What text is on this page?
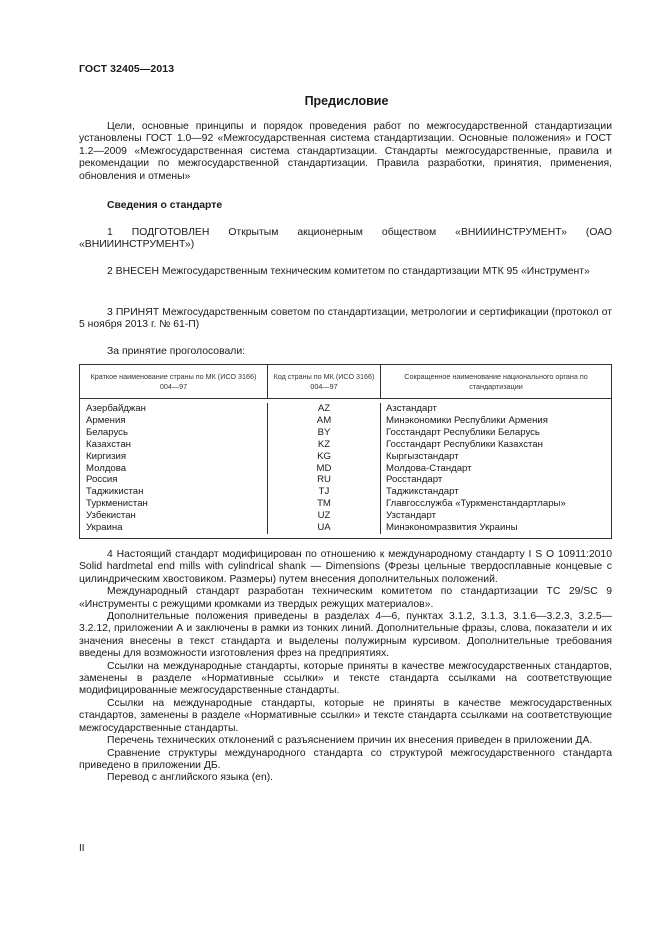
ГОСТ 32405—2013
Предисловие

Цели, основные принципы и порядок проведения работ по межгосударственной стандартизации установлены ГОСТ 1.0—92 «Межгосударственная система стандартизации. Основные положения» и ГОСТ 1.2—2009 «Межгосударственная система стандартизации. Стандарты межгосударственные, правила и рекомендации по межгосударственной стандартизации. Правила разработки, принятия, применения, обновления и отмены»

Сведения о стандарте

1 ПОДГОТОВЛЕН Открытым акционерным обществом «ВНИИИНСТРУМЕНТ» (ОАО «ВНИИИНСТРУМЕНТ»)

2 ВНЕСЕН Межгосударственным техническим комитетом по стандартизации МТК 95 «Инструмент»

3 ПРИНЯТ Межгосударственным советом по стандартизации, метрологии и сертификации (протокол от 5 ноября 2013 г. № 61-П)

За принятие проголосовали:
Краткое наименование страны по МК (ИСО 3166) 004—97
Код страны по МК (ИСО 3166) 004—97
Сокращенное наименование национального органа по стандартизации
Азербайджан
Армения
Беларусь
Казахстан
Киргизия
Молдова
Россия
Таджикистан
Туркменистан
Узбекистан
Украина
AZ
AM
BY
KZ
KG
MD
RU
TJ
TM
UZ
UA
Азстандарт
Минэкономики Республики Армения
Госстандарт Республики Беларусь
Госстандарт Республики Казахстан
Кыргызстандарт
Молдова-Стандарт
Росстандарт
Таджикстандарт
Главгосслужба «Туркменстандартлары»
Узстандарт
Минэкономразвития Украины

4 Настоящий стандарт модифицирован по отношению к международному стандарту I S O 10911:2010 Solid hardmetal end mills with cylindrical shank — Dimensions (Фрезы цельные твердосплавные концевые с цилиндрическим хвостовиком. Размеры) путем внесения дополнительных положений.

Международный стандарт разработан техническим комитетом по стандартизации TC 29/SC 9 «Инструменты с режущими кромками из твердых режущих материалов».

Дополнительные положения приведены в разделах 4—6, пунктах 3.1.2, 3.1.3, 3.1.6—3.2.3, 3.2.5—3.2.12, приложении А и заключены в рамки из тонких линий. Дополнительные фразы, слова, показатели и их значения внесены в текст стандарта и выделены полужирным курсивом. Дополнительные требования введены для возможности изготовления фрез на предприятиях.

Ссылки на международные стандарты, которые приняты в качестве межгосударственных стандартов, заменены в разделе «Нормативные ссылки» и тексте стандарта ссылками на соответствующие модифицированные межгосударственные стандарты.

Ссылки на международные стандарты, которые не приняты в качестве межгосударственных стандартов, заменены в разделе «Нормативные ссылки» и тексте стандарта ссылками на соответствующие межгосударственные стандарты.

Перечень технических отклонений с разъяснением причин их внесения приведен в приложении ДА.

Сравнение структуры международного стандарта со структурой межгосударственного стандарта приведено в приложении ДБ.

Перевод с английского языка (en).

II
